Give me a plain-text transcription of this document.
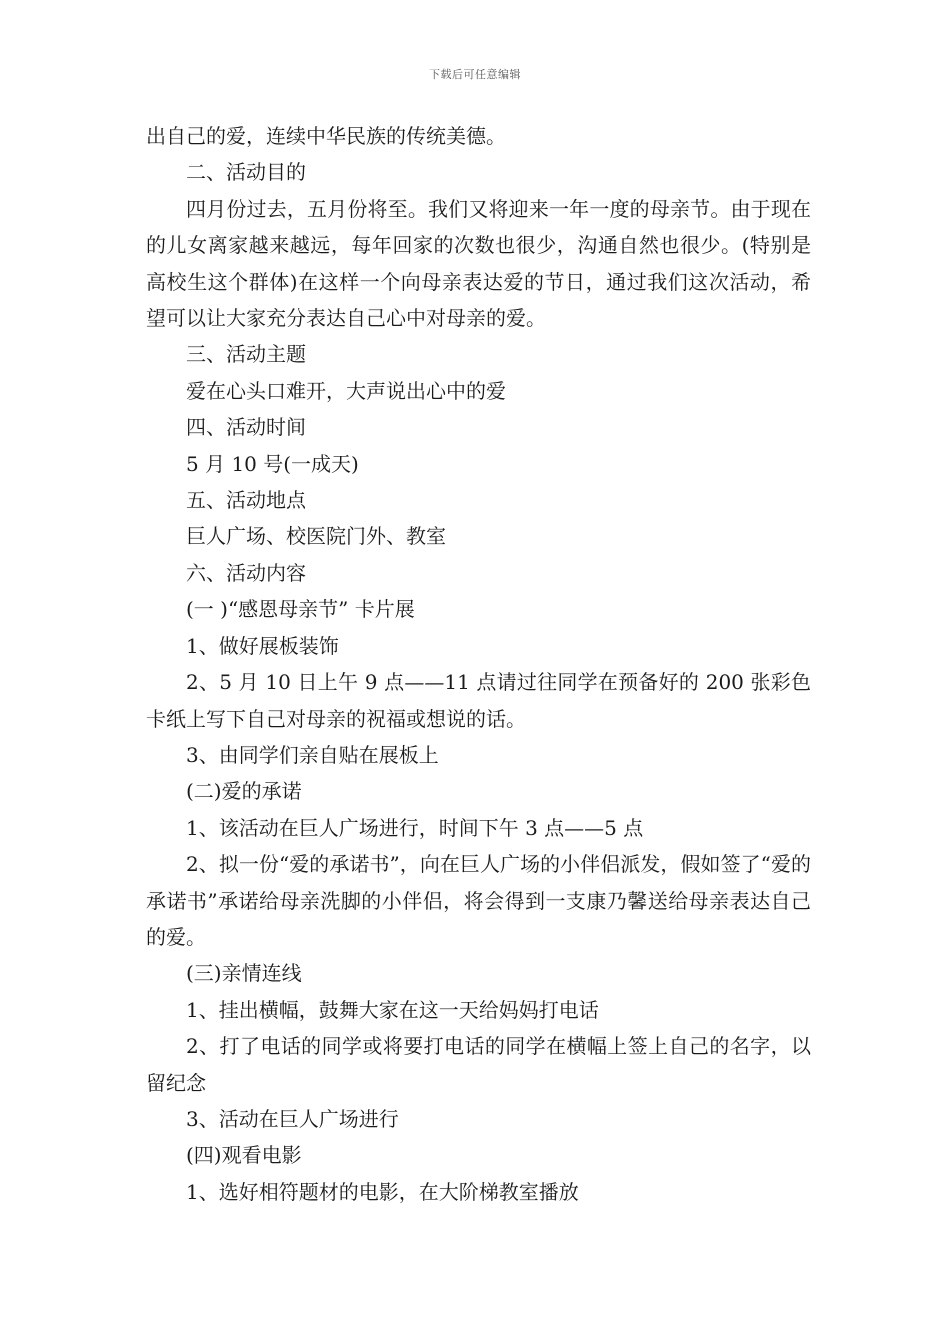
下载后可任意编辑

出自己的爱，连续中华民族的传统美德。

二、活动目的

四月份过去，五月份将至。我们又将迎来一年一度的母亲节。由于现在的儿女离家越来越远，每年回家的次数也很少，沟通自然也很少。(特别是高校生这个群体)在这样一个向母亲表达爱的节日，通过我们这次活动，希望可以让大家充分表达自己心中对母亲的爱。

三、活动主题

爱在心头口难开，大声说出心中的爱

四、活动时间

5 月 10 号(一成天)

五、活动地点

巨人广场、校医院门外、教室

六、活动内容

(一 )“感恩母亲节” 卡片展

1、做好展板装饰

2、5 月 10 日上午 9 点——11 点请过往同学在预备好的 200 张彩色卡纸上写下自己对母亲的祝福或想说的话。

3、由同学们亲自贴在展板上

(二)爱的承诺

1、该活动在巨人广场进行，时间下午 3 点——5 点

2、拟一份“爱的承诺书”，向在巨人广场的小伴侣派发，假如签了“爱的承诺书”承诺给母亲洗脚的小伴侣，将会得到一支康乃馨送给母亲表达自己的爱。

(三)亲情连线

1、挂出横幅，鼓舞大家在这一天给妈妈打电话

2、打了电话的同学或将要打电话的同学在横幅上签上自己的名字，以留纪念

3、活动在巨人广场进行

(四)观看电影

1、选好相符题材的电影，在大阶梯教室播放
